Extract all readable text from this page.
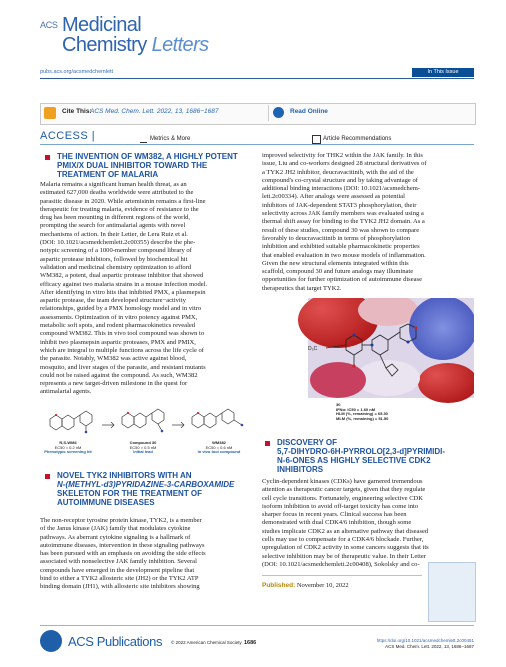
ACS Medicinal
Chemistry Letters
pubs.acs.org/acsmedchemlett	In This Issue
Cite This:
ACS Med. Chem. Lett. 2022, 13, 1686−1687	Read Online
ACCESS |	Metrics & More	Article Recommendations
THE INVENTION OF WM382, A HIGHLY POTENT
PMIX/X DUAL INHIBITOR TOWARD THE
TREATMENT OF MALARIA

Malaria remains a significant human health threat, as an

estimated 627,000 deaths worldwide were attributed to the

parasitic disease in 2020. While artemisinin remains a first-line

therapeutic for treating malaria, evidence of resistance to the

drug has been mounting in different regions of the world,

prompting the search for antimalarial agents with novel

mechanisms of action. In their Letter, de Lera Ruiz et al.

(DOI: 10.1021/acsmedchemlett.2c00355) describe the phe-

notypic screening of a 1000-member compound library of

aspartic protease inhibitors, followed by biochemical hit

validation and medicinal chemistry optimization to afford

WM382, a potent, dual aspartic protease inhibitor that showed

efficacy against two malaria strains in a mouse infection model.

After identifying in vitro hits that inhibited PMX, a plasmepsin

aspartic protease, the team developed structure−activity

relationships, guided by a PMX homology model and in vitro

assessments. Optimization of in vitro potency against PMX,

metabolic soft spots, and rodent pharmacokinetics revealed

compound WM382. This in vivo tool compound was shown to

inhibit two plasmepsin aspartic proteases, PMX and PMIX,

which are integral to multiple functions across the life cycle of

the parasite. Notably, WM382 was active against blood,

mosquito, and liver stages of the parasite, and resistant mutants

could not be raised against the compound. As such, WM382

represents a new target-driven milestone in the quest for

antimalarial agents.

R,S-WM4
EC50 = 0.2 nM
Phenotypic screening hit
Compound 30
EC50 = 0.5 nM
Initial lead
WM382
EC50 = 0.6 nM
In vivo tool compound
NOVEL TYK2 INHIBITORS WITH AN
N-(METHYL-d3)PYRIDAZINE-3-CARBOXAMIDE
SKELETON FOR THE TREATMENT OF
AUTOIMMUNE DISEASES

The non-receptor tyrosine protein kinase, TYK2, is a member

of the Janus kinase (JAK) family that modulates cytokine

pathways. As aberrant cytokine signaling is a hallmark of

autoimmune diseases, intervention in these signaling pathways

has been pursued with an emphasis on avoiding the side effects

associated with nonselective JAK family inhibition. Several

compounds have emerged in the development pipeline that

bind to either a TYK2 allosteric site (JH2) or the TYK2 ATP

binding domain (JH1), with allosteric site inhibitors showing

improved selectivity for THK2 within the JAK family. In this

issue, Liu and co-workers designed 28 structural derivatives of

a TYK2 JH2 inhibitor, deucravacitinib, with the aid of the

compound's co-crystal structure and by taking advantage of

additional binding interactions (DOI: 10.1021/acsmedchem-

lett.2c00334). After analogs were assessed as potential

inhibitors of JAK-dependent STAT3 phosphorylation, their

selectivity across JAK family members was evaluated using a

thermal shift assay for binding to the TYK2 JH2 domain. As a

result of these studies, compound 30 was shown to compare

favorably to deucravacitinib in terms of phosphorylation

inhibition and exhibited suitable pharmacokinetic properties

that enabled evaluation in two mouse models of inflammation.

Given the new structural elements integrated within this

scaffold, compound 30 and future analogs may illuminate

opportunities for further optimization of autoimmune disease

therapeutics that target TYK2.

D₃C
30
IFNα: IC50 = 1.60 nM
HLM (%, remaining) = 65.30
MLM (%, remaining) = 51.50
DISCOVERY OF
5,7-DIHYDRO-6H-PYRROLO[2,3-d]PYRIMIDI-
N-6-ONES AS HIGHLY SELECTIVE CDK2
INHIBITORS

Cyclin-dependent kinases (CDKs) have garnered tremendous

attention as therapeutic cancer targets, given that they regulate

cell cycle transitions. Fortunately, engineering selective CDK

isoform inhibition to avoid off-target toxicity has come into

sharper focus in recent years. Clinical success has been

demonstrated with dual CDK4/6 inhibition, though some

studies implicate CDK2 as an alternative pathway that diseased

cells may use to compensate for a CDK4/6 blockade. Further,

upregulation of CDK2 activity in some cancers suggests that its

selective inhibition may be of therapeutic value. In their Letter

(DOI: 10.1021/acsmedchemlett.2c00408), Sokolsky and co-

Published: November 10, 2022
ACS Publications © 2022 American Chemical Society 1686	https://doi.org/10.1021/acsmedchemlett.2c00451
ACS Med. Chem. Lett. 2022, 13, 1686−1687
